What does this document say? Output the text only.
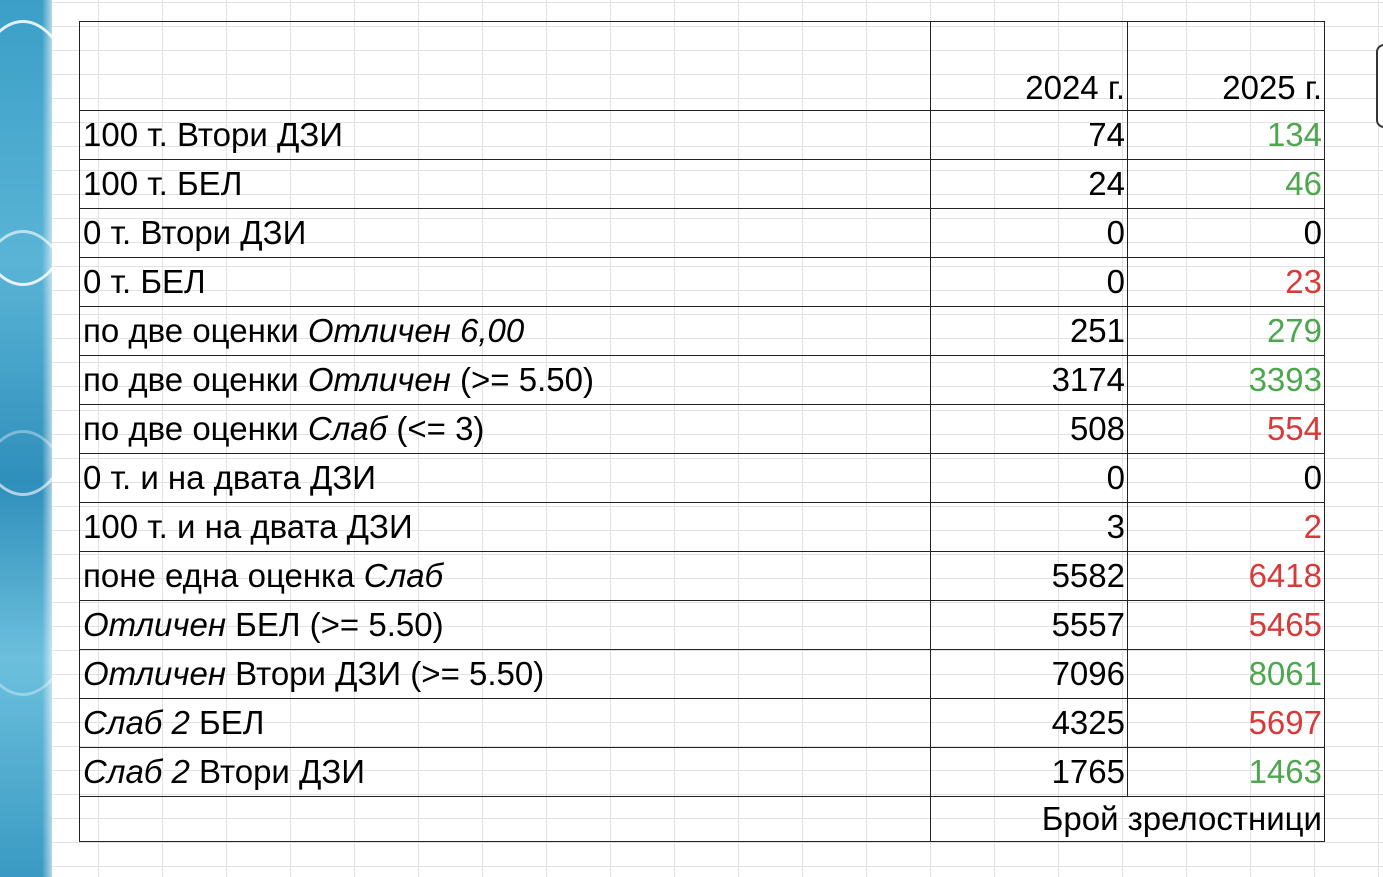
	2024 г.	2025 г.
100 т. Втори ДЗИ	74	134
100 т. БЕЛ	24	46
0 т. Втори ДЗИ	0	0
0 т. БЕЛ	0	23
по две оценки Отличен 6,00	251	279
по две оценки Отличен (>= 5.50)	3174	3393
по две оценки Слаб (<= 3)	508	554
0 т. и на двата ДЗИ	0	0
100 т. и на двата ДЗИ	3	2
поне една оценка Слаб	5582	6418
Отличен БЕЛ (>= 5.50)	5557	5465
Отличен Втори ДЗИ (>= 5.50)	7096	8061
Слаб 2 БЕЛ	4325	5697
Слаб 2 Втори ДЗИ	1765	1463
	Брой зрелостници	
